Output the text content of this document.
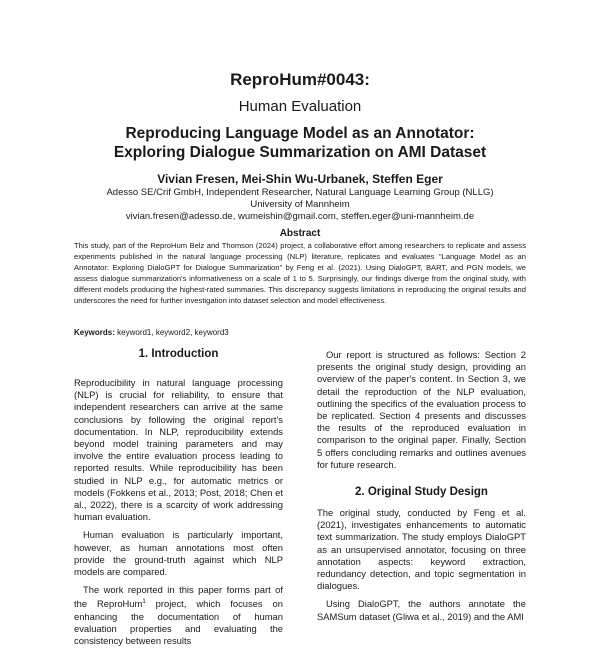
ReproHum#0043:
Human Evaluation
Reproducing Language Model as an Annotator:
Exploring Dialogue Summarization on AMI Dataset
Vivian Fresen, Mei-Shin Wu-Urbanek, Steffen Eger
Adesso SE/Crif GmbH, Independent Researcher, Natural Language Learning Group (NLLG)
University of Mannheim
vivian.fresen@adesso.de, wumeishin@gmail.com, steffen.eger@uni-mannheim.de
Abstract

This study, part of the ReproHum Belz and Thomson (2024) project, a collaborative effort among researchers to replicate and assess experiments published in the natural language processing (NLP) literature, replicates and evaluates "Language Model as an Annotator: Exploring DialoGPT for Dialogue Summarization" by Feng et al. (2021). Using DialoGPT, BART, and PGN models, we assess dialogue summarization's informativeness on a scale of 1 to 5. Surprisingly, our findings diverge from the original study, with different models producing the highest-rated summaries. This discrepancy suggests limitations in reproducing the original results and underscores the need for further investigation into dataset selection and model effectiveness.

Keywords: keyword1, keyword2, keyword3
1. Introduction

Reproducibility in natural language processing (NLP) is crucial for reliability, to ensure that independent researchers can arrive at the same conclusions by following the original report's documentation. In NLP, reproducibility extends beyond model training parameters and may involve the entire evaluation process leading to reported results. While reproducibility has been studied in NLP e.g., for automatic metrics or models (Fokkens et al., 2013; Post, 2018; Chen et al., 2022), there is a scarcity of work addressing human evaluation.

Human evaluation is particularly important, however, as human annotations most often provide the ground-truth against which NLP models are compared.

The work reported in this paper forms part of the ReproHum$^1$ project, which focuses on enhancing the documentation of human evaluation properties and evaluating the consistency between results

Our report is structured as follows: Section 2 presents the original study design, providing an overview of the paper's content. In Section 3, we detail the reproduction of the NLP evaluation, outlining the specifics of the evaluation process to be replicated. Section 4 presents and discusses the results of the reproduced evaluation in comparison to the original paper. Finally, Section 5 offers concluding remarks and outlines avenues for future research.

2. Original Study Design

The original study, conducted by Feng et al. (2021), investigates enhancements to automatic text summarization. The study employs DialoGPT as an unsupervised annotator, focusing on three annotation aspects: keyword extraction, redundancy detection, and topic segmentation in dialogues.

Using DialoGPT, the authors annotate the SAMSum dataset (Gliwa et al., 2019) and the AMI
